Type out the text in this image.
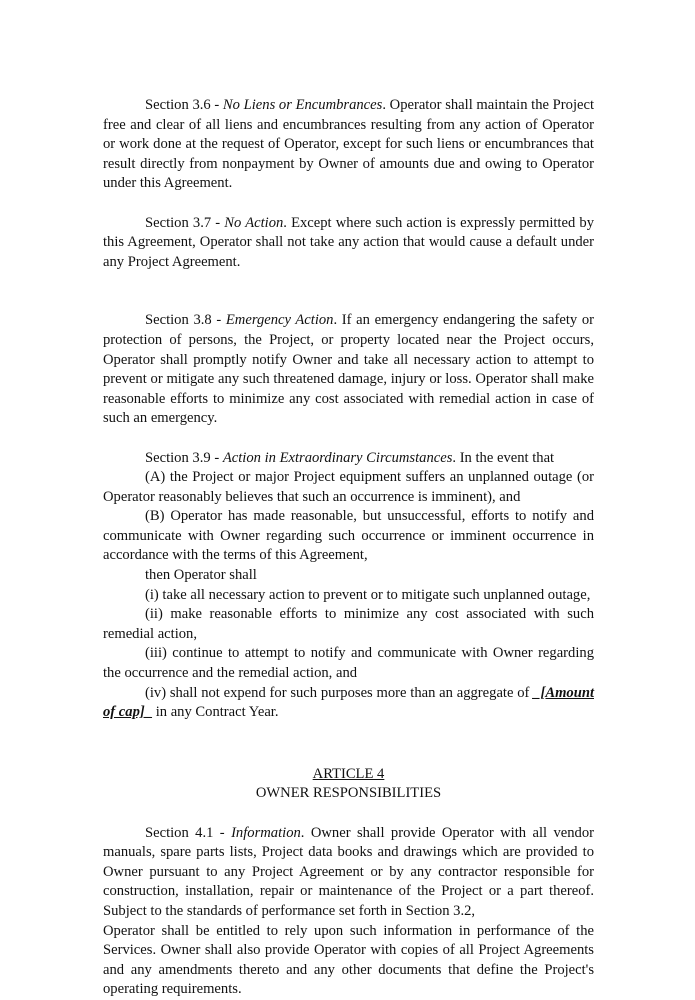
Section 3.6 - No Liens or Encumbrances. Operator shall maintain the Project free and clear of all liens and encumbrances resulting from any action of Operator or work done at the request of Operator, except for such liens or encumbrances that result directly from nonpayment by Owner of amounts due and owing to Operator under this Agreement.

Section 3.7 - No Action. Except where such action is expressly permitted by this Agreement, Operator shall not take any action that would cause a default under any Project Agreement.

Section 3.8 - Emergency Action. If an emergency endangering the safety or protection of persons, the Project, or property located near the Project occurs, Operator shall promptly notify Owner and take all necessary action to attempt to prevent or mitigate any such threatened damage, injury or loss. Operator shall make reasonable efforts to minimize any cost associated with remedial action in case of such an emergency.

Section 3.9 - Action in Extraordinary Circumstances. In the event that

(A) the Project or major Project equipment suffers an unplanned outage (or Operator reasonably believes that such an occurrence is imminent), and

(B) Operator has made reasonable, but unsuccessful, efforts to notify and communicate with Owner regarding such occurrence or imminent occurrence in accordance with the terms of this Agreement,

then Operator shall

(i) take all necessary action to prevent or to mitigate such unplanned outage,

(ii) make reasonable efforts to minimize any cost associated with such remedial action,

(iii) continue to attempt to notify and communicate with Owner regarding the occurrence and the remedial action, and

(iv) shall not expend for such purposes more than an aggregate of _[Amount of cap]_ in any Contract Year.

ARTICLE 4

OWNER RESPONSIBILITIES

Section 4.1 - Information. Owner shall provide Operator with all vendor manuals, spare parts lists, Project data books and drawings which are provided to Owner pursuant to any Project Agreement or by any contractor responsible for construction, installation, repair or maintenance of the Project or a part thereof. Subject to the standards of performance set forth in Section 3.2,

Operator shall be entitled to rely upon such information in performance of the Services. Owner shall also provide Operator with copies of all Project Agreements and any amendments thereto and any other documents that define the Project's operating requirements.
